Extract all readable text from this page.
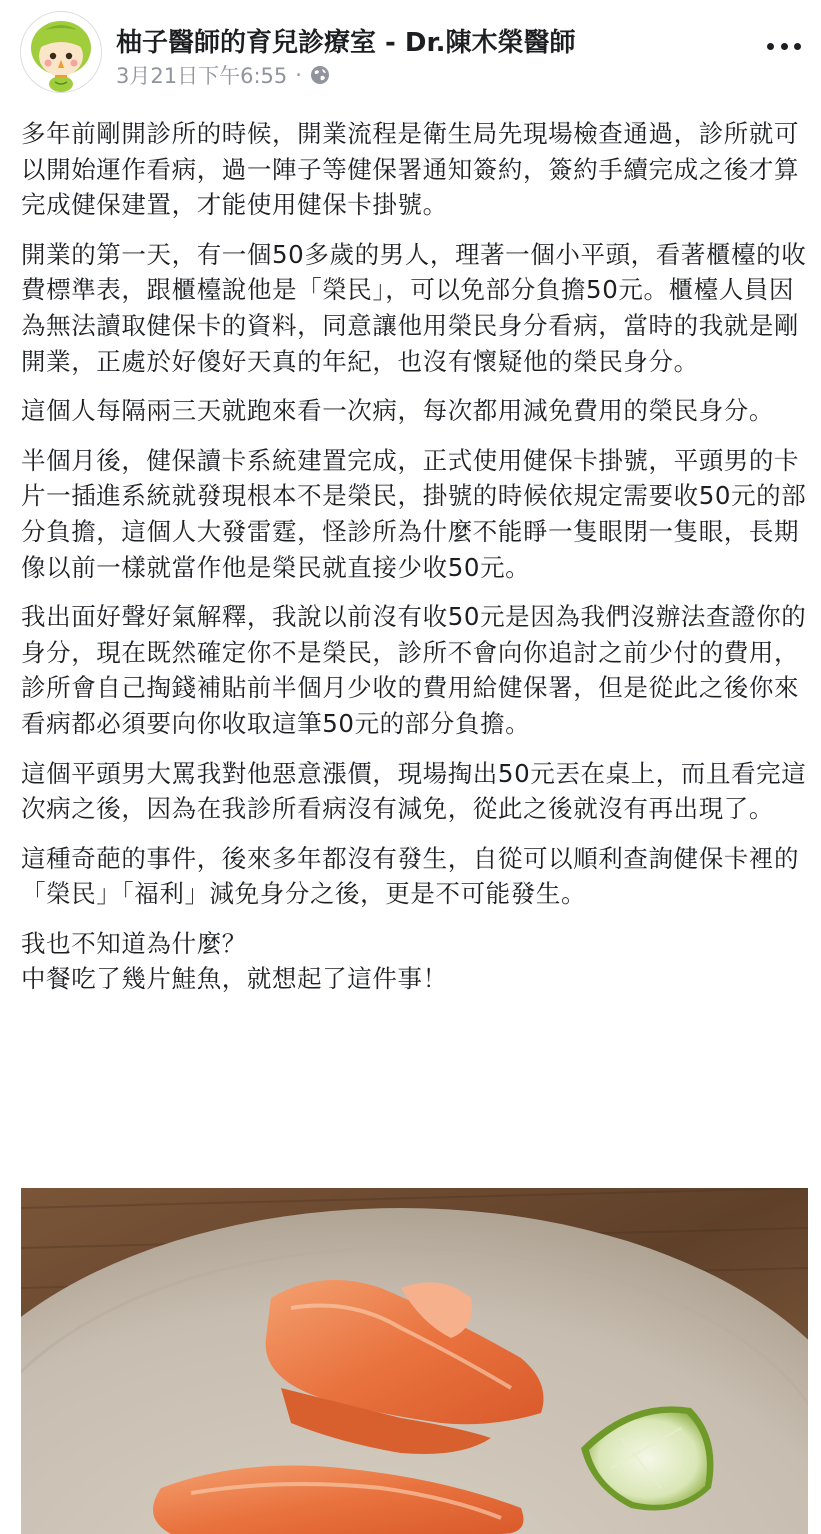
柚子醫師的育兒診療室 - Dr.陳木榮醫師
3月21日下午6:55 ·

多年前剛開診所的時候，開業流程是衛生局先現場檢查通過，診所就可以開始運作看病，過一陣子等健保署通知簽約，簽約手續完成之後才算完成健保建置，才能使用健保卡掛號。

開業的第一天，有一個50多歲的男人，理著一個小平頭，看著櫃檯的收費標準表，跟櫃檯說他是「榮民」，可以免部分負擔50元。櫃檯人員因為無法讀取健保卡的資料，同意讓他用榮民身分看病，當時的我就是剛開業，正處於好傻好天真的年紀，也沒有懷疑他的榮民身分。

這個人每隔兩三天就跑來看一次病，每次都用減免費用的榮民身分。

半個月後，健保讀卡系統建置完成，正式使用健保卡掛號，平頭男的卡片一插進系統就發現根本不是榮民，掛號的時候依規定需要收50元的部分負擔，這個人大發雷霆，怪診所為什麼不能睜一隻眼閉一隻眼，長期像以前一樣就當作他是榮民就直接少收50元。

我出面好聲好氣解釋，我說以前沒有收50元是因為我們沒辦法查證你的身分，現在既然確定你不是榮民，診所不會向你追討之前少付的費用，診所會自己掏錢補貼前半個月少收的費用給健保署，但是從此之後你來看病都必須要向你收取這筆50元的部分負擔。

這個平頭男大罵我對他惡意漲價，現場掏出50元丟在桌上，而且看完這次病之後，因為在我診所看病沒有減免，從此之後就沒有再出現了。

這種奇葩的事件，後來多年都沒有發生，自從可以順利查詢健保卡裡的「榮民」「福利」減免身分之後，更是不可能發生。

我也不知道為什麼？
中餐吃了幾片鮭魚，就想起了這件事！
